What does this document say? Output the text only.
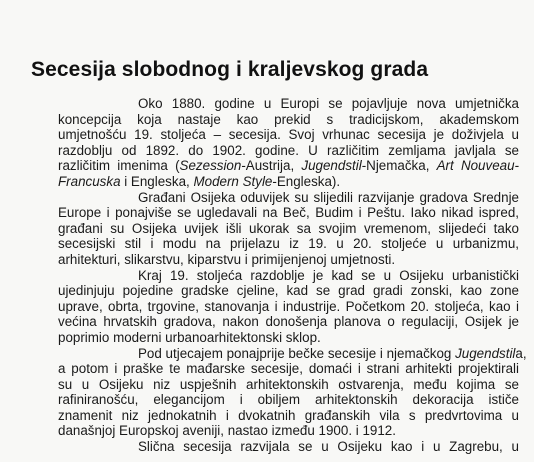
Secesija slobodnog i kraljevskog grada
Oko 1880. godine u Europi se pojavljuje nova umjetnička
koncepcija koja nastaje kao prekid s tradicijskom, akademskom
umjetnošću 19. stoljeća – secesija. Svoj vrhunac secesija je doživjela u
razdoblju od 1892. do 1902. godine. U različitim zemljama javljala se
različitim imenima (Sezession-Austrija, Jugendstil-Njemačka, Art Nouveau-
Francuska i Engleska, Modern Style-Engleska).
Građani Osijeka oduvijek su slijedili razvijanje gradova Srednje
Europe i ponajviše se ugledavali na Beč, Budim i Peštu. Iako nikad ispred,
građani su Osijeka uvijek išli ukorak sa svojim vremenom, slijedeći tako
secesijski stil i modu na prijelazu iz 19. u 20. stoljeće u urbanizmu,
arhitekturi, slikarstvu, kiparstvu i primijenjenoj umjetnosti.
Kraj 19. stoljeća razdoblje je kad se u Osijeku urbanistički
ujedinjuju pojedine gradske cjeline, kad se grad gradi zonski, kao zone
uprave, obrta, trgovine, stanovanja i industrije. Početkom 20. stoljeća, kao i
većina hrvatskih gradova, nakon donošenja planova o regulaciji, Osijek je
poprimio moderni urbanoarhitektonski sklop.
Pod utjecajem ponajprije bečke secesije i njemačkog Jugendstila,
a potom i praške te mađarske secesije, domaći i strani arhitekti projektirali
su u Osijeku niz uspješnih arhitektonskih ostvarenja, među kojima se
rafiniranošću, elegancijom i obiljem arhitektonskih dekoracija ističe
znamenit niz jednokatnih i dvokatnih građanskih vila s predvrtovima u
današnjoj Europskoj aveniji, nastao između 1900. i 1912.
Slična secesija razvijala se u Osijeku kao i u Zagrebu, u
